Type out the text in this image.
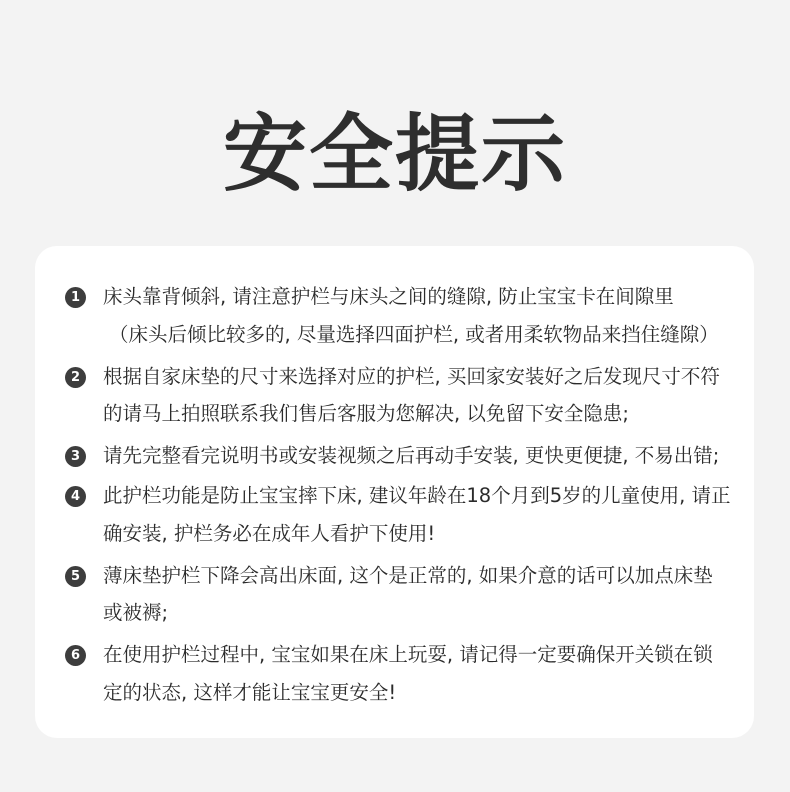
安全提示
1	床头靠背倾斜, 请注意护栏与床头之间的缝隙, 防止宝宝卡在间隙里
（床头后倾比较多的, 尽量选择四面护栏, 或者用柔软物品来挡住缝隙）
2	根据自家床垫的尺寸来选择对应的护栏, 买回家安装好之后发现尺寸不符
的请马上拍照联系我们售后客服为您解决, 以免留下安全隐患;
3	请先完整看完说明书或安装视频之后再动手安装, 更快更便捷, 不易出错;
4	此护栏功能是防止宝宝摔下床, 建议年龄在18个月到5岁的儿童使用, 请正
确安装, 护栏务必在成年人看护下使用!
5	薄床垫护栏下降会高出床面, 这个是正常的, 如果介意的话可以加点床垫
或被褥;
6	在使用护栏过程中, 宝宝如果在床上玩耍, 请记得一定要确保开关锁在锁
定的状态, 这样才能让宝宝更安全!
